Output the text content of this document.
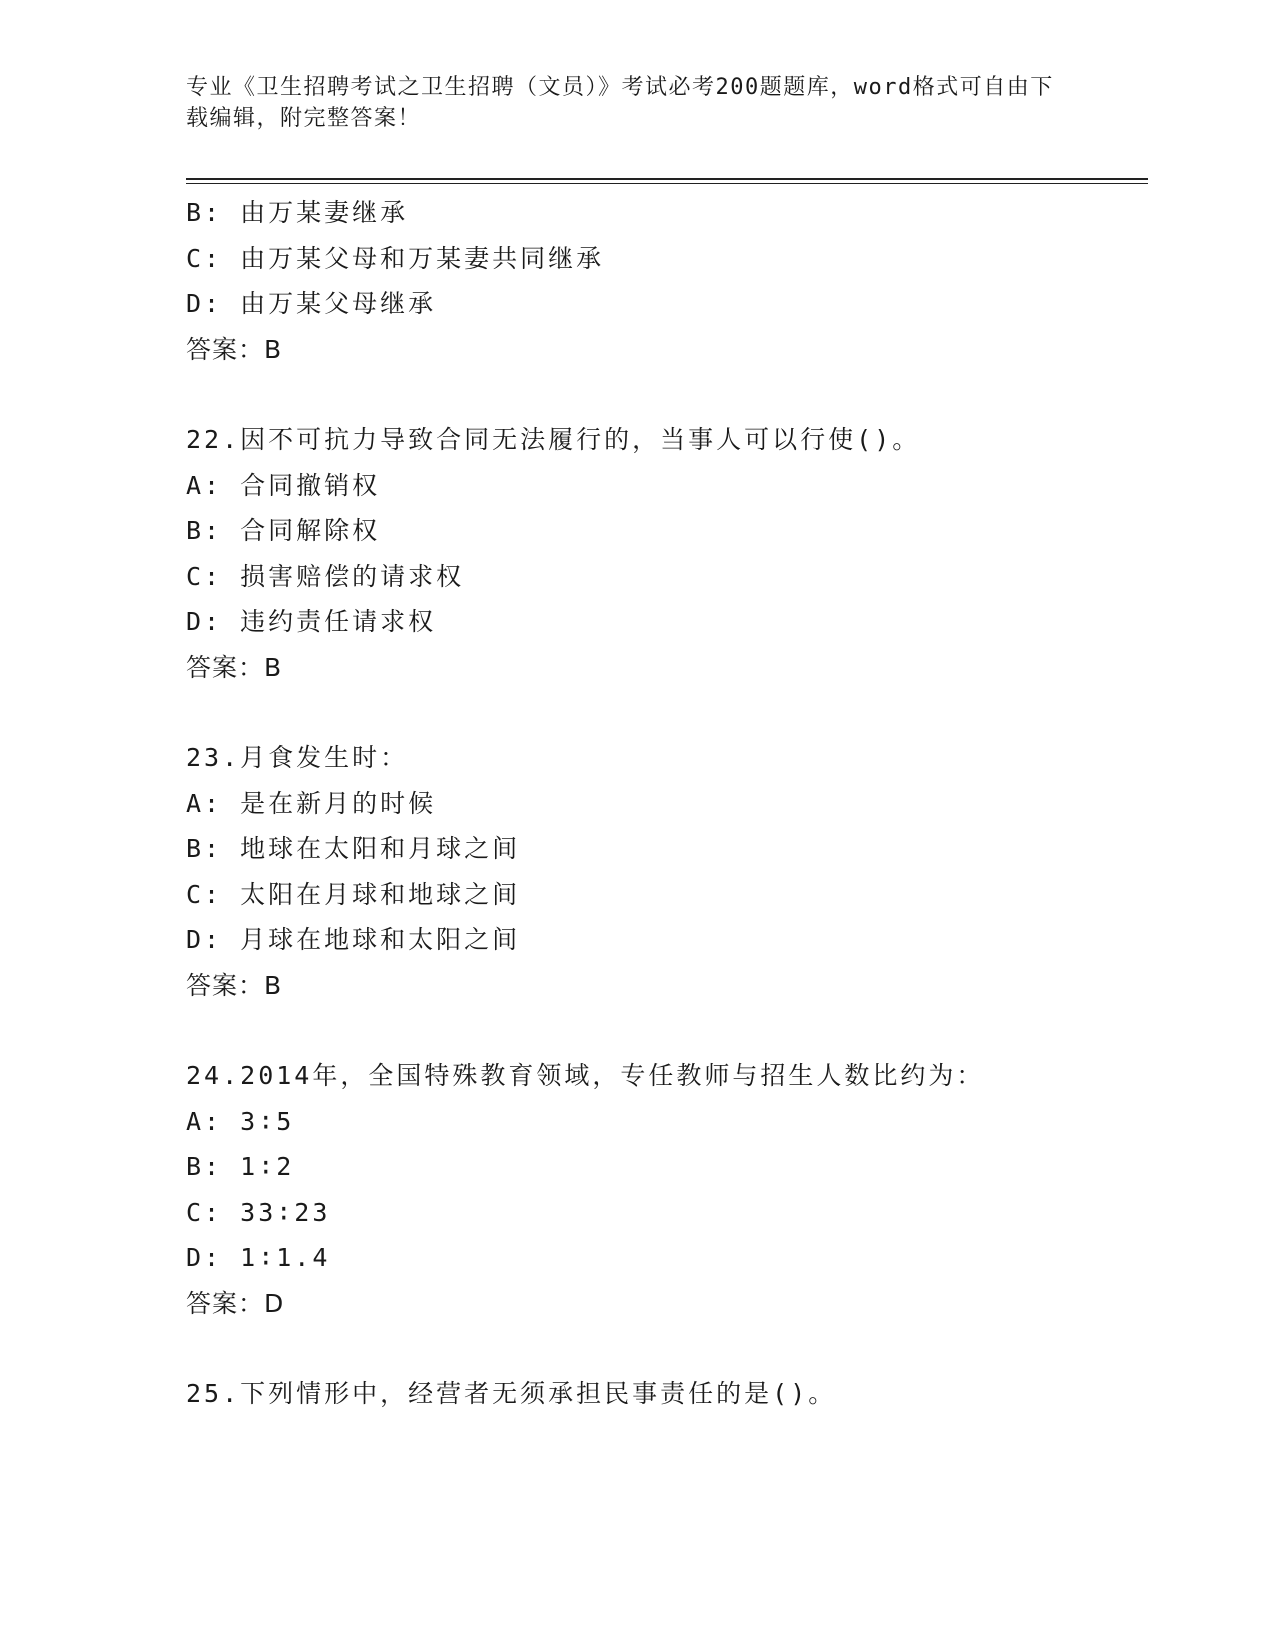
专业《卫生招聘考试之卫生招聘（文员）》考试必考200题题库，word格式可自由下载编辑，附完整答案！
B: 由万某妻继承
C: 由万某父母和万某妻共同继承
D: 由万某父母继承
答案：B
22.因不可抗力导致合同无法履行的，当事人可以行使()。
A: 合同撤销权
B: 合同解除权
C: 损害赔偿的请求权
D: 违约责任请求权
答案：B
23.月食发生时：
A: 是在新月的时候
B: 地球在太阳和月球之间
C: 太阳在月球和地球之间
D: 月球在地球和太阳之间
答案：B
24.2014年，全国特殊教育领域，专任教师与招生人数比约为：
A: 3∶5
B: 1∶2
C: 33∶23
D: 1∶1.4
答案：D
25.下列情形中，经营者无须承担民事责任的是()。
